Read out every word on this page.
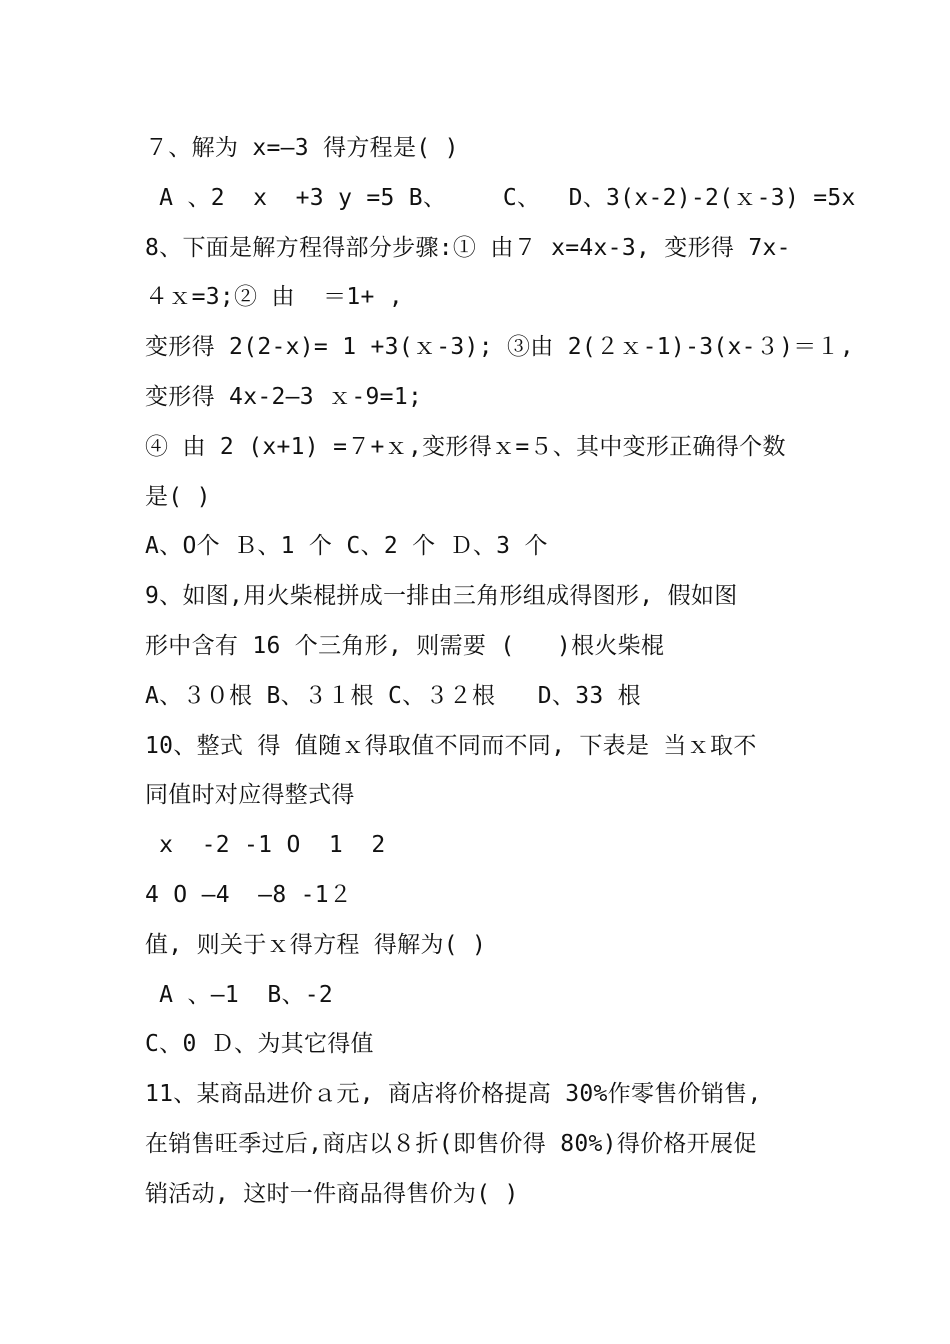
７、解为 x=—3 得方程是( )
A 、2  x  +3 y =5 B、    C、  D、3(x-2)-2(ｘ-3) =5x
8、下面是解方程得部分步骤:① 由７ x=4x-3, 变形得 7x-
４ｘ=3;② 由  ＝1+ ,
变形得 2(2-x)= 1 +3(ｘ-3); ③由 2(２ｘ-1)-3(x-３)＝１,
变形得 4x-2—3 ｘ-9=1;
④ 由 2 (x+1) =７+ｘ,变形得ｘ=５、其中变形正确得个数
是( )
A、O个 Ｂ、1 个 C、2 个 Ｄ、3 个
9、如图,用火柴棍拼成一排由三角形组成得图形, 假如图
形中含有 16 个三角形, 则需要 (   )根火柴棍
A、３０根 B、３１根 C、３２根   D、33 根
10、整式 得 值随ｘ得取值不同而不同, 下表是 当ｘ取不
同值时对应得整式得
x  -2 -1 O  1  2
4 O —4  —8 -1２
值, 则关于ｘ得方程 得解为( )
A 、—1  B、-2
C、0 Ｄ、为其它得值
11、某商品进价ａ元, 商店将价格提高 30%作零售价销售,
在销售旺季过后,商店以８折(即售价得 80%)得价格开展促
销活动, 这时一件商品得售价为( )
